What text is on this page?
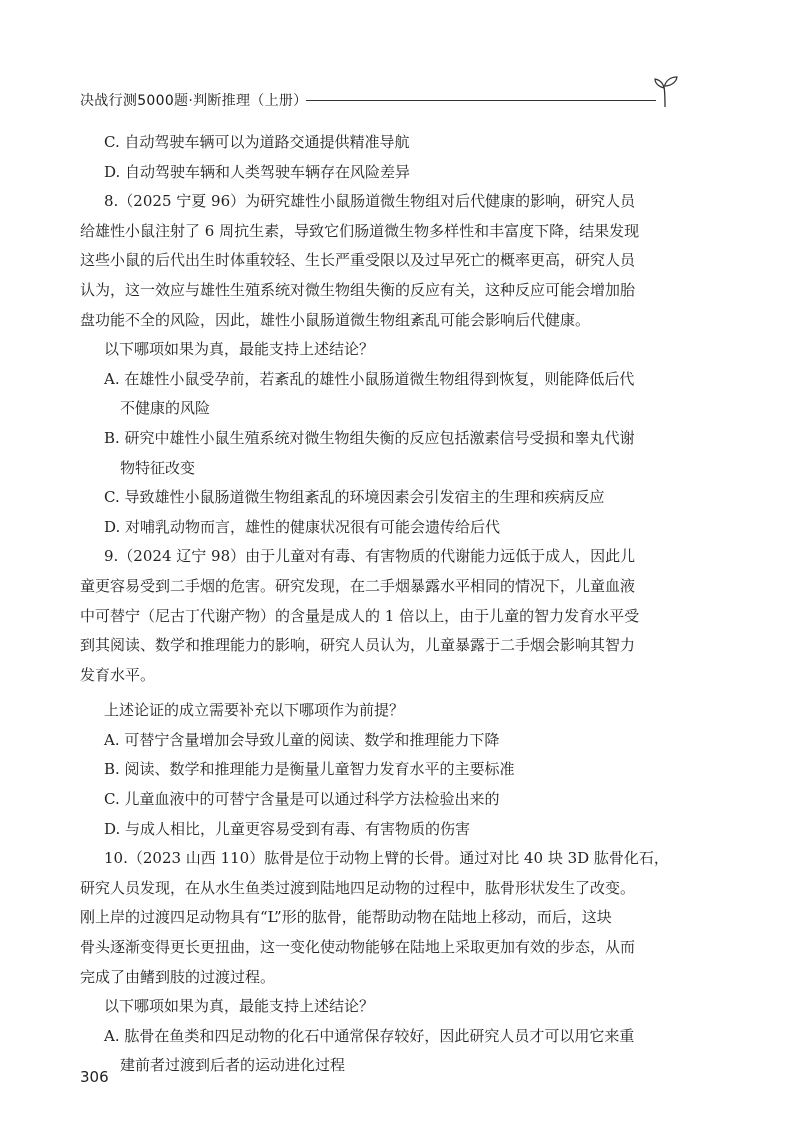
决战行测5000题·判断推理（上册）
C. 自动驾驶车辆可以为道路交通提供精准导航
D. 自动驾驶车辆和人类驾驶车辆存在风险差异
8.（2025 宁夏 96）为研究雄性小鼠肠道微生物组对后代健康的影响，研究人员
给雄性小鼠注射了 6 周抗生素，导致它们肠道微生物多样性和丰富度下降，结果发现
这些小鼠的后代出生时体重较轻、生长严重受限以及过早死亡的概率更高，研究人员
认为，这一效应与雄性生殖系统对微生物组失衡的反应有关，这种反应可能会增加胎
盘功能不全的风险，因此，雄性小鼠肠道微生物组紊乱可能会影响后代健康。
以下哪项如果为真，最能支持上述结论？
A. 在雄性小鼠受孕前，若紊乱的雄性小鼠肠道微生物组得到恢复，则能降低后代
不健康的风险
B. 研究中雄性小鼠生殖系统对微生物组失衡的反应包括激素信号受损和睾丸代谢
物特征改变
C. 导致雄性小鼠肠道微生物组紊乱的环境因素会引发宿主的生理和疾病反应
D. 对哺乳动物而言，雄性的健康状况很有可能会遗传给后代
9.（2024 辽宁 98）由于儿童对有毒、有害物质的代谢能力远低于成人，因此儿
童更容易受到二手烟的危害。研究发现，在二手烟暴露水平相同的情况下，儿童血液
中可替宁（尼古丁代谢产物）的含量是成人的 1 倍以上，由于儿童的智力发育水平受
到其阅读、数学和推理能力的影响，研究人员认为，儿童暴露于二手烟会影响其智力
发育水平。
上述论证的成立需要补充以下哪项作为前提？
A. 可替宁含量增加会导致儿童的阅读、数学和推理能力下降
B. 阅读、数学和推理能力是衡量儿童智力发育水平的主要标准
C. 儿童血液中的可替宁含量是可以通过科学方法检验出来的
D. 与成人相比，儿童更容易受到有毒、有害物质的伤害
10.（2023 山西 110）肱骨是位于动物上臂的长骨。通过对比 40 块 3D 肱骨化石，
研究人员发现，在从水生鱼类过渡到陆地四足动物的过程中，肱骨形状发生了改变。
刚上岸的过渡四足动物具有“L”形的肱骨，能帮助动物在陆地上移动，而后，这块
骨头逐渐变得更长更扭曲，这一变化使动物能够在陆地上采取更加有效的步态，从而
完成了由鳍到肢的过渡过程。
以下哪项如果为真，最能支持上述结论？
A. 肱骨在鱼类和四足动物的化石中通常保存较好，因此研究人员才可以用它来重
建前者过渡到后者的运动进化过程
306
